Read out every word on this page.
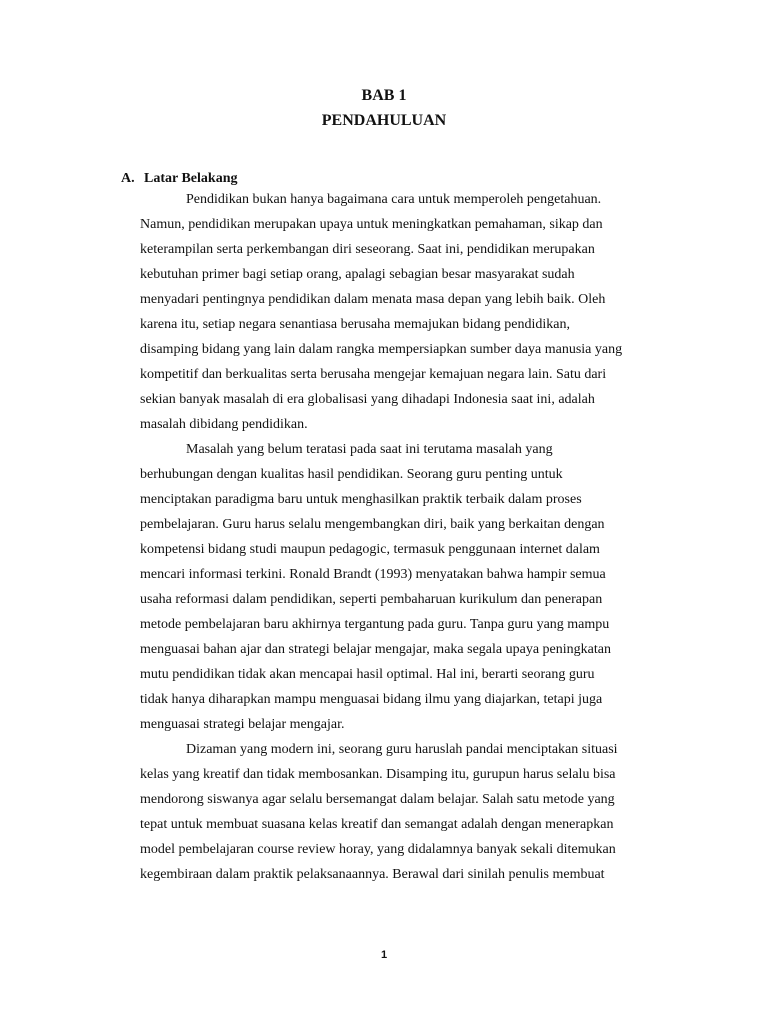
BAB 1
PENDAHULUAN
A. Latar Belakang

Pendidikan bukan hanya bagaimana cara untuk memperoleh pengetahuan.

Namun, pendidikan merupakan upaya untuk meningkatkan pemahaman, sikap dan

keterampilan serta perkembangan diri seseorang. Saat ini, pendidikan merupakan

kebutuhan primer bagi setiap orang, apalagi sebagian besar masyarakat sudah

menyadari pentingnya pendidikan dalam menata masa depan yang lebih baik. Oleh

karena itu, setiap negara senantiasa berusaha memajukan bidang pendidikan,

disamping bidang yang lain dalam rangka mempersiapkan sumber daya manusia yang

kompetitif dan berkualitas serta berusaha mengejar kemajuan negara lain. Satu dari

sekian banyak masalah di era globalisasi yang dihadapi Indonesia saat ini, adalah

masalah dibidang pendidikan.

Masalah yang belum teratasi pada saat ini terutama masalah yang

berhubungan dengan kualitas hasil pendidikan. Seorang guru penting untuk

menciptakan paradigma baru untuk menghasilkan praktik terbaik dalam proses

pembelajaran. Guru harus selalu mengembangkan diri, baik yang berkaitan dengan

kompetensi bidang studi maupun pedagogic, termasuk penggunaan internet dalam

mencari informasi terkini. Ronald Brandt (1993) menyatakan bahwa hampir semua

usaha reformasi dalam pendidikan, seperti pembaharuan kurikulum dan penerapan

metode pembelajaran baru akhirnya tergantung pada guru. Tanpa guru yang mampu

menguasai bahan ajar dan strategi belajar mengajar, maka segala upaya peningkatan

mutu pendidikan tidak akan mencapai hasil optimal. Hal ini, berarti seorang guru

tidak hanya diharapkan mampu menguasai bidang ilmu yang diajarkan, tetapi juga

menguasai strategi belajar mengajar.

Dizaman yang modern ini, seorang guru haruslah pandai menciptakan situasi

kelas yang kreatif dan tidak membosankan. Disamping itu, gurupun harus selalu bisa

mendorong siswanya agar selalu bersemangat dalam belajar. Salah satu metode yang

tepat untuk membuat suasana kelas kreatif dan semangat adalah dengan menerapkan

model pembelajaran course review horay, yang didalamnya banyak sekali ditemukan

kegembiraan dalam praktik pelaksanaannya. Berawal dari sinilah penulis membuat

1
